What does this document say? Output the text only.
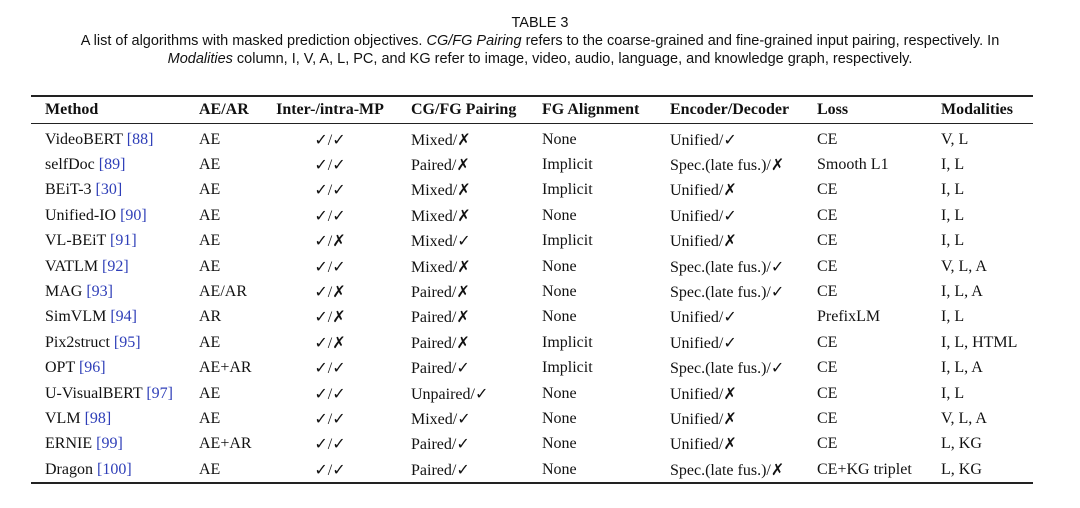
TABLE 3
A list of algorithms with masked prediction objectives. CG/FG Pairing refers to the coarse-grained and fine-grained input pairing, respectively. In
Modalities column, I, V, A, L, PC, and KG refer to image, video, audio, language, and knowledge graph, respectively.
Method	AE/AR	Inter-/intra-MP	CG/FG Pairing	FG Alignment	Encoder/Decoder	Loss	Modalities
VideoBERT [88]	AE	✓/✓	Mixed/✗	None	Unified/✓	CE	V, L
selfDoc [89]	AE	✓/✓	Paired/✗	Implicit	Spec.(late fus.)/✗	Smooth L1	I, L
BEiT-3 [30]	AE	✓/✓	Mixed/✗	Implicit	Unified/✗	CE	I, L
Unified-IO [90]	AE	✓/✓	Mixed/✗	None	Unified/✓	CE	I, L
VL-BEiT [91]	AE	✓/✗	Mixed/✓	Implicit	Unified/✗	CE	I, L
VATLM [92]	AE	✓/✓	Mixed/✗	None	Spec.(late fus.)/✓	CE	V, L, A
MAG [93]	AE/AR	✓/✗	Paired/✗	None	Spec.(late fus.)/✓	CE	I, L, A
SimVLM [94]	AR	✓/✗	Paired/✗	None	Unified/✓	PrefixLM	I, L
Pix2struct [95]	AE	✓/✗	Paired/✗	Implicit	Unified/✓	CE	I, L, HTML
OPT [96]	AE+AR	✓/✓	Paired/✓	Implicit	Spec.(late fus.)/✓	CE	I, L, A
U-VisualBERT [97]	AE	✓/✓	Unpaired/✓	None	Unified/✗	CE	I, L
VLM [98]	AE	✓/✓	Mixed/✓	None	Unified/✗	CE	V, L, A
ERNIE [99]	AE+AR	✓/✓	Paired/✓	None	Unified/✗	CE	L, KG
Dragon [100]	AE	✓/✓	Paired/✓	None	Spec.(late fus.)/✗	CE+KG triplet	L, KG
